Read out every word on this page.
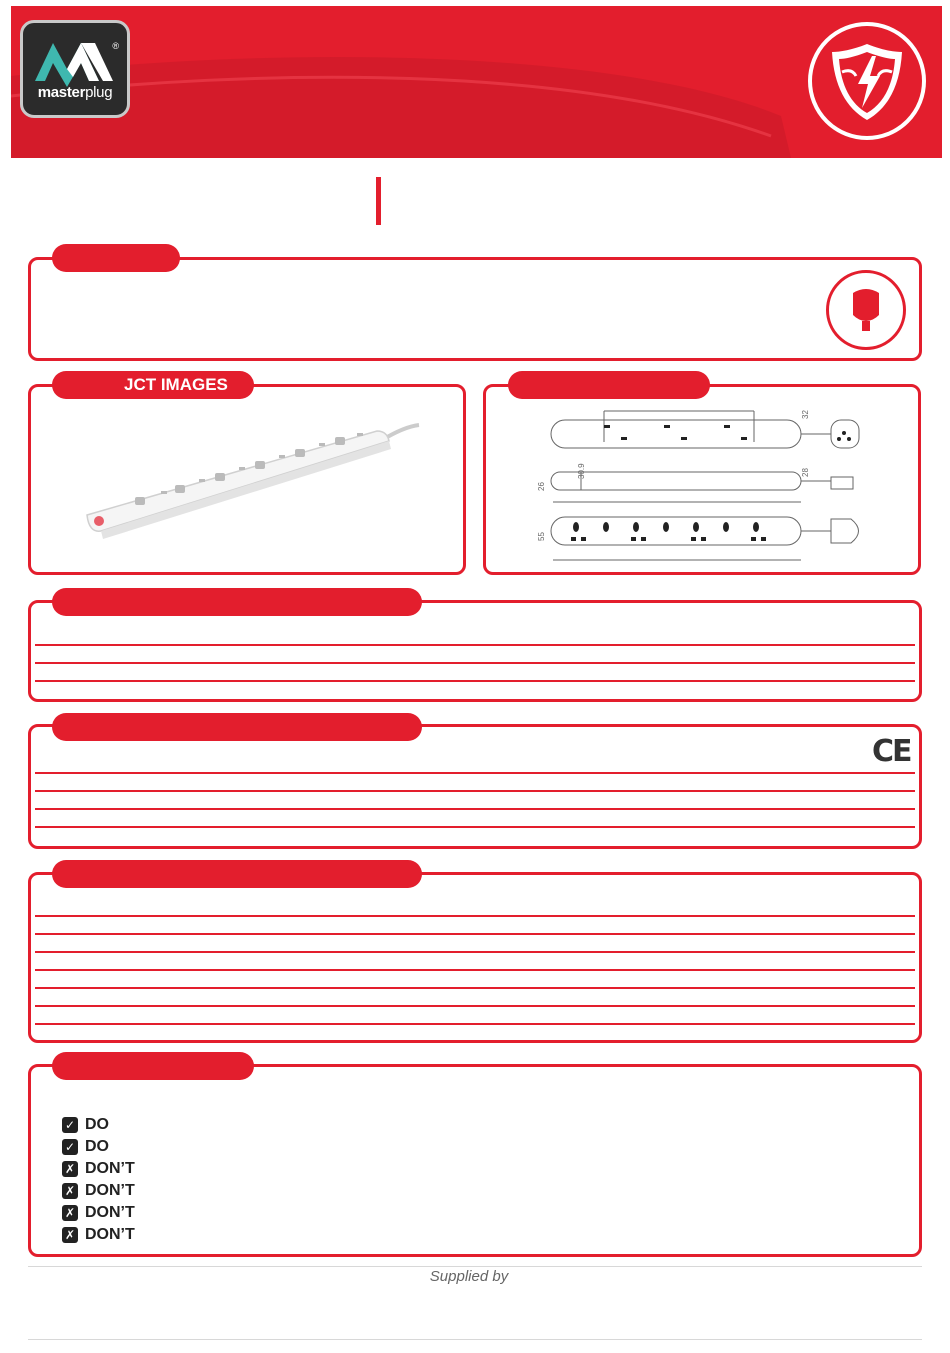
®
masterplug
JCT IMAGES
32
26
30.9	28
55
CE
✓ DO
✓ DO
✗ DON’T
✗ DON’T
✗ DON’T
✗ DON’T
Supplied by
